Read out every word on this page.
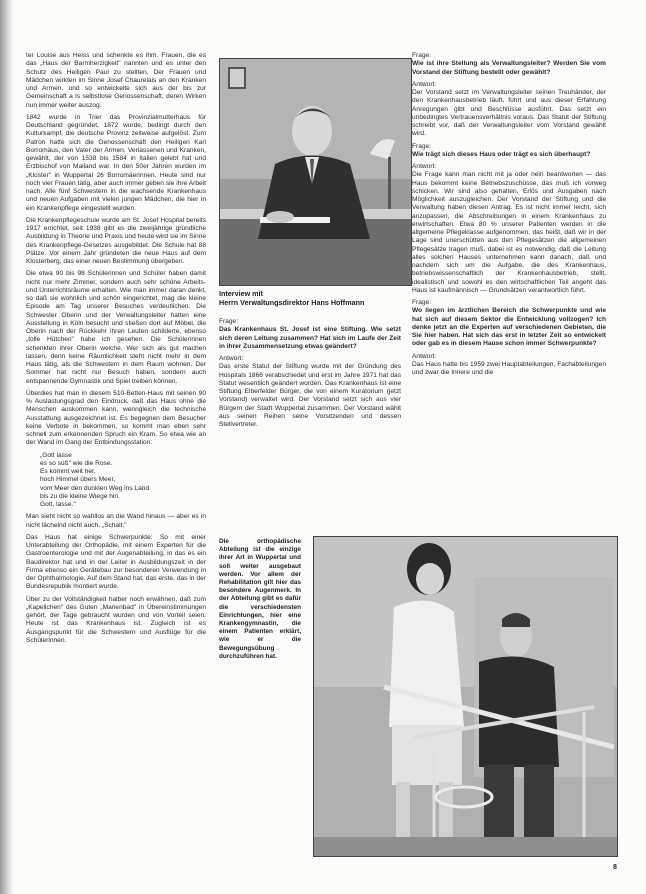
ter Louise aus Heiss und schenkte es ihm. Frauen, die es das „Haus der Barmherzigkeit" nannten und es unter den Schutz des Heiligen Paul zu stellten. Der Frauen und Mädchen wirkten im Sinne Josef Chaurelais an den Kranken und Armen, und so entwickelte sich aus der bis zur Gemeinschaft a ls selbstlose Genossenschaft, deren Wirken nun immer weiter auszog.

1842 wurde in Trier das Provinzialmutterhaus für Deutschland gegründet, 1872 wurde, bedingt durch den Kulturkampf, die deutsche Provinz zeitweise aufgelöst. Zum Patron hatte sich die Genossenschaft den Heiligen Karl Borromäus, den Vater der Armen, Verlassenen und Kranken, gewählt, der von 1538 bis 1584 in Italien gelebt hat und Erzbischof von Mailand war. In den 50er Jahren wurden im „Kloster" in Wuppertal 26 Borromäerinnen. Heute sind nur noch vier Frauen tätig, aber auch immer geben sie ihre Arbeit nach. Alle fünf Schwestern in die wachsende Krankenhaus und neuen Aufgaben mit vielen jungen Mädchen, die hier in ein Krankenpflege eingestellt wurden.

Die Krankenpflegeschule wurde am St. Josef Hospital bereits 1917 errichtet, seit 1938 gibt es die zweijährige gründliche Ausbildung in Theorie und Praxis und heute wird sie im Sinne des Krankenpflege-Gesetzes ausgebildet. Die Schule hat 88 Plätze. Vor einem Jahr gründeten die neue Haus auf dem Klosterberg, das einer neuen Bestimmung übergeben.

Die etwa 90 bis 98 Schülerinnen und Schüler haben damit nicht nur mehr Zimmer, sondern auch sehr schöne Arbeits- und Unterrichtsräume erhalten. Wie man immer daran denkt, so daß sie wohnlich und schön eingerichtet, mag die kleine Episode am Tag unserer Besuches verdeutlichen: Die Schwester Oberin und der Verwaltungsleiter hatten eine Ausstellung in Köln besucht und stießen dort auf Möbel, die Oberin nach der Rückkehr ihren Leuten schilderte, ebenso „tolle Hütchen" habe ich gesehen. Die Schülerinnen schenkten ihrer Oberin welche. Wer sich als gut machen lassen, denn keine Räumlichkeit steht nicht mehr in dem Haus tätig, als die Schwestern in dem Raum wohnen. Der Sommer hat nicht nur Besuch haben, sondern auch entspannende Gymnastik und Spiel treiben können.

Überdies hat man in diesem 510-Betten-Haus mit seinen 90 % Auslastungsgrad den Eindruck, daß das Haus ohne die Menschen auskommen kann, wenngleich die technische Ausstattung ausgezeichnet ist. Es begegnen dem Besucher keine Verbote in bekommen, so kommt man eben sehr schnell zum erkennenden Spruch ein Kram. So etwa wie an der Wand im Gang der Entbindungsstation:

„Gott lasse
es so süß" wie die Rose.
Es kommt weit her,
hoch Himmel übers Meer,
vom Meer den dunklen Weg ins Land
bis zu die kleine Wiege hin.
Gott, lasse."

Man sieht nicht so wahllos an die Wand hinaus — aber es in nicht lächelnd nicht auch. „Schalt."

Das Haus hat einige Schwerpunkte: So mit einer Unterabteilung der Orthopädie, mit einem Experten für die Gastroenterologie und mit der Augenabteilung, in das es ein Baudirektor hat und in der Leiter in Ausbildungszeit in der Firma ebenso ein Gerätebau zur besonderen Verwendung in der Ophthalmologie. Auf dem Stand hat, das erste, das in der Bundesrepublik montiert wurde.

Über zu der Vollständigkeit halber noch erwähnen, daß zum „Kapellchen" des Guten „Marienbad" in Übereinstimmungen gehört, der Tage gebraucht wurden und von Vorteil seien. Heute ist das Krankenhaus ist. Zugleich ist es Ausgangspunkt für die Schwestern und Ausflüge für die Schülerinnen.

Interview mit
Herrn Verwaltungsdirektor Hans Hoffmann
Frage:

Das Krankenhaus St. Josef ist eine Stiftung. Wie setzt sich deren Leitung zusammen? Hat sich im Laufe der Zeit in ihrer Zusammensetzung etwas geändert?

Antwort:

Das erste Statut der Stiftung wurde mit der Gründung des Hospitals 1866 verabschiedet und erst im Jahre 1971 hat das Statut wesentlich geändert worden. Das Krankenhaus ist eine Stiftung Elberfelder Bürger, die von einem Kuratorium (jetzt Vorstand) verwaltet wird. Der Vorstand setzt sich aus vier Bürgern der Stadt Wuppertal zusammen. Der Vorstand wählt aus seinen Reihen seine Vorsitzenden und dessen Stellvertreter.

Frage:

Wie ist ihre Stellung als Verwaltungsleiter? Werden Sie vom Vorstand der Stiftung bestellt oder gewählt?

Antwort:

Der Vorstand setzt im Verwaltungsleiter seinen Treuhänder, der den Krankenhausbetrieb läuft, führt und aus dieser Erfahrung Anregungen gibt und Beschlüsse ausführt. Das setzt ein unbedingtes Vertrauensverhältnis voraus. Das Statut der Stiftung schreibt vor, daß der Verwaltungsleiter vom Vorstand gewählt wird.

Frage:

Wie trägt sich dieses Haus oder trägt es sich überhaupt?

Antwort:

Die Frage kann man nicht mit ja oder nein beantworten — das Haus bekommt keine Betriebszuschüsse, das muß ich vorweg schicken. Wir sind also gehalten, Erlös und Ausgaben nach Möglichkeit auszugleichen. Der Vorstand der Stiftung und die Verwaltung haben diesen Antrag. Es ist nicht immer leicht, sich anzupassen, die Abschreibungen in einem Krankenhaus zu erwirtschaften. Etwa 80 % unserer Patienten werden in die allgemeine Pflegeklasse aufgenommen, das heißt, daß wir in der Lage sind unerschütten aus den Pflegesätzen die allgemeinen Pflegesätze tragen muß, dabei ist es notwendig, daß die Leitung alles solchen Hauses unternehmen kann danach, daß und nachdem sich um die Aufgabe, die des Krankenhaus, betriebswissenschaftlich der Krankenhausbetrieb, stellt, idealistisch und sowohl es den wirtschaftlichen Teil angeht das Haus ist kaufmännisch — Grundsätzen verantwortlich führt.

Frage:

Wo liegen im ärztlichen Bereich die Schwerpunkte und wie hat sich auf diesem Sektor die Entwicklung vollzogen? Ich denke jetzt an die Experten auf verschiedenen Gebieten, die Sie hier haben. Hat sich das erst in letzter Zeit so entwickelt oder gab es in diesem Hause schon immer Schwerpunkte?

Antwort:

Das Haus hatte bis 1959 zwei Hauptabteilungen, Fachabteilungen und zwar die Innere und die

Die orthopädische Abteilung ist die einzige ihrer Art in Wuppertal und soll weiter ausgebaut werden. Vor allem der Rehabilitation gilt hier das besondere Augenmerk. In der Abteilung gibt es dafür die verschiedensten Einrichtungen, hier eine Krankengymnastin, die einem Patienten erklärt, wie er die Bewegungsübung durchzuführen hat.
8
